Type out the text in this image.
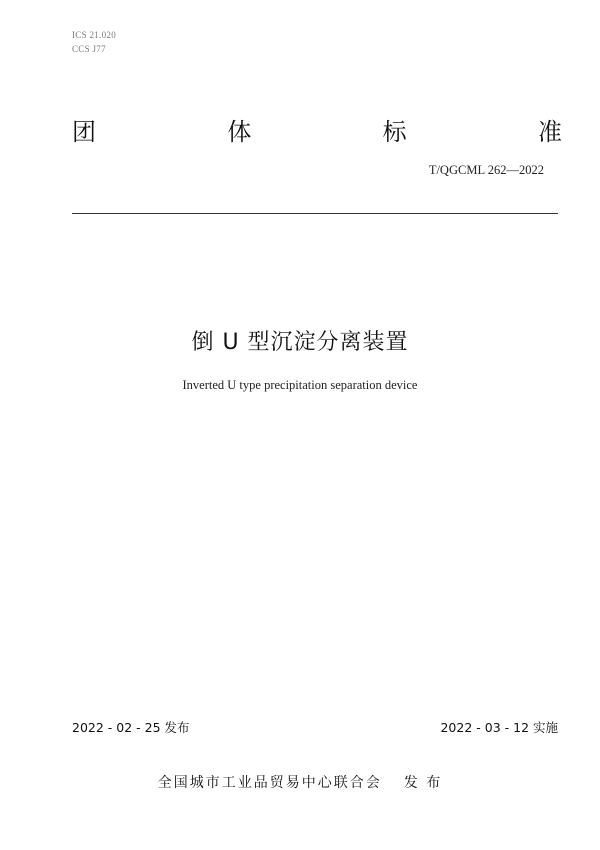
ICS 21.020
CCS J77
团	体	标	准
T/QGCML 262—2022
倒 U 型沉淀分离装置
Inverted U type precipitation separation device
2022 - 02 - 25 发布	2022 - 03 - 12 实施
全国城市工业品贸易中心联合会 发 布
